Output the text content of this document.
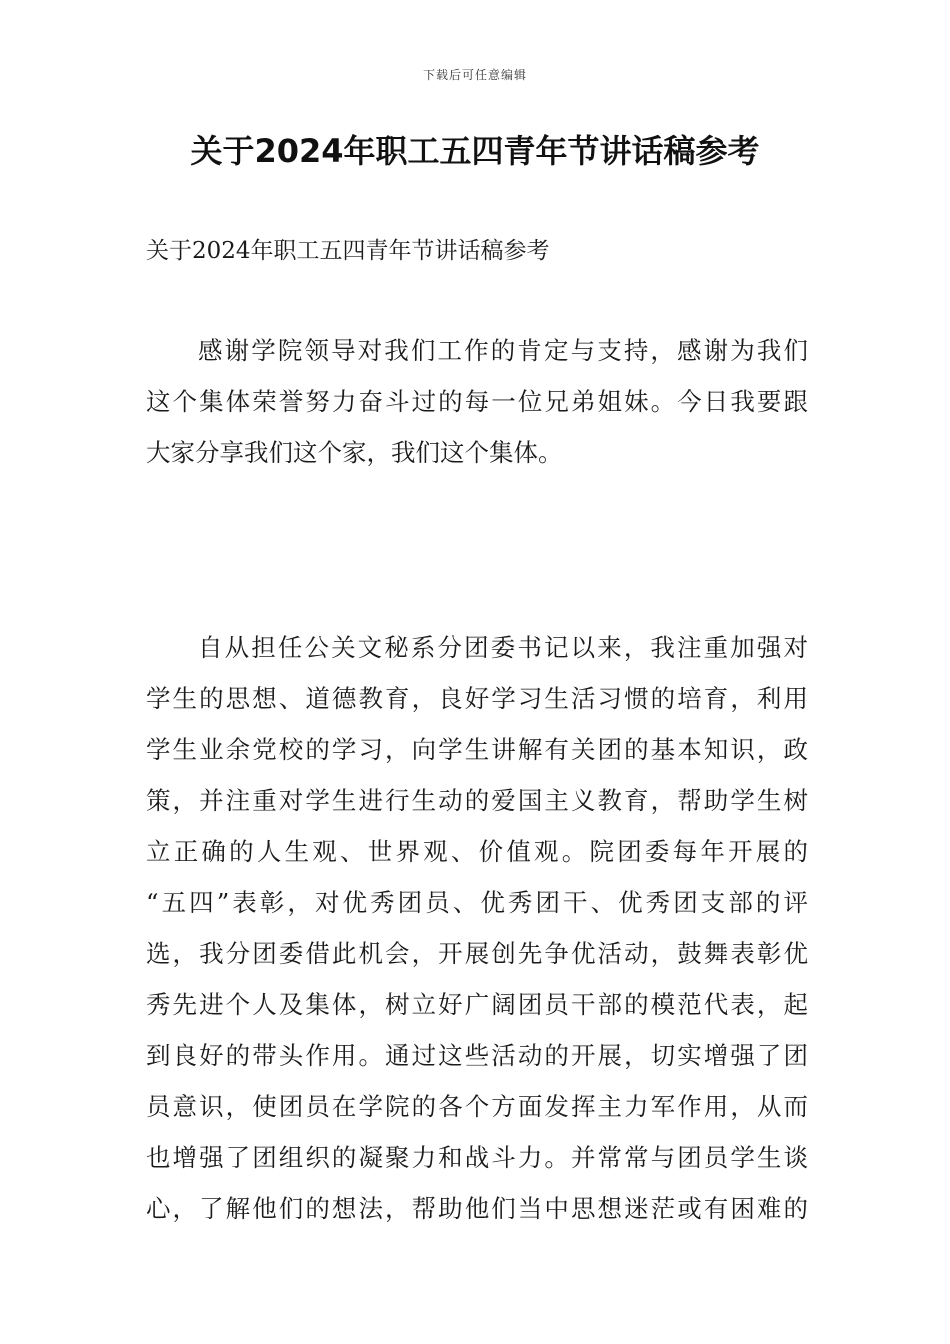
下载后可任意编辑
关于2024年职工五四青年节讲话稿参考
关于2024年职工五四青年节讲话稿参考
感谢学院领导对我们工作的肯定与支持，感谢为我们
这个集体荣誉努力奋斗过的每一位兄弟姐妹。今日我要跟
大家分享我们这个家，我们这个集体。
自从担任公关文秘系分团委书记以来，我注重加强对
学生的思想、道德教育，良好学习生活习惯的培育，利用
学生业余党校的学习，向学生讲解有关团的基本知识，政
策，并注重对学生进行生动的爱国主义教育，帮助学生树
立正确的人生观、世界观、价值观。院团委每年开展的
“五四”表彰，对优秀团员、优秀团干、优秀团支部的评
选，我分团委借此机会，开展创先争优活动，鼓舞表彰优
秀先进个人及集体，树立好广阔团员干部的模范代表，起
到良好的带头作用。通过这些活动的开展，切实增强了团
员意识，使团员在学院的各个方面发挥主力军作用，从而
也增强了团组织的凝聚力和战斗力。并常常与团员学生谈
心，了解他们的想法，帮助他们当中思想迷茫或有困难的
